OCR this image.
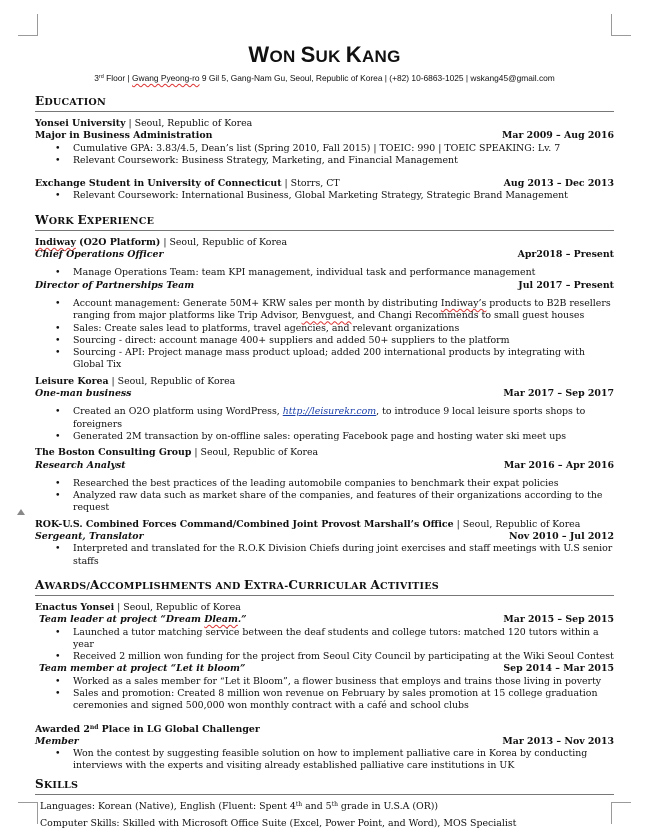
WON SUK KANG
3rd Floor | Gwang Pyeong-ro 9 Gil 5, Gang-Nam Gu, Seoul, Republic of Korea | (+82) 10-6863-1025 | wskang45@gmail.com
EDUCATION
Yonsei University | Seoul, Republic of Korea
Major in Business Administration	Mar 2009 – Aug 2016
• Cumulative GPA: 3.83/4.5, Dean’s list (Spring 2010, Fall 2015) | TOEIC: 990 | TOEIC SPEAKING: Lv. 7
• Relevant Coursework: Business Strategy, Marketing, and Financial Management
Exchange Student in University of Connecticut | Storrs, CT	Aug 2013 – Dec 2013
• Relevant Coursework: International Business, Global Marketing Strategy, Strategic Brand Management
WORK EXPERIENCE
Indiway (O2O Platform) | Seoul, Republic of Korea
Chief Operations Officer	Apr2018 – Present
• Manage Operations Team: team KPI management, individual task and performance management
Director of Partnerships Team	Jul 2017 – Present
• Account management: Generate 50M+ KRW sales per month by distributing Indiway’s products to B2B resellers
ranging from major platforms like Trip Advisor, Benvguest, and Changi Recommends to small guest houses
• Sales: Create sales lead to platforms, travel agencies, and relevant organizations
• Sourcing - direct: account manage 400+ suppliers and added 50+ suppliers to the platform
• Sourcing - API: Project manage mass product upload; added 200 international products by integrating with Global Tix
Leisure Korea | Seoul, Republic of Korea
One-man business	Mar 2017 – Sep 2017
• Created an O2O platform using WordPress, http://leisurekr.com, to introduce 9 local leisure sports shops to foreigners
• Generated 2M transaction by on-offline sales: operating Facebook page and hosting water ski meet ups
The Boston Consulting Group | Seoul, Republic of Korea
Research Analyst	Mar 2016 – Apr 2016
• Researched the best practices of the leading automobile companies to benchmark their expat policies
• Analyzed raw data such as market share of the companies, and features of their organizations according to the request
ROK-U.S. Combined Forces Command/Combined Joint Provost Marshall’s Office | Seoul, Republic of Korea
Sergeant, Translator	Nov 2010 – Jul 2012
• Interpreted and translated for the R.O.K Division Chiefs during joint exercises and staff meetings with U.S senior staffs
AWARDS/ACCOMPLISHMENTS AND EXTRA-CURRICULAR ACTIVITIES
Enactus Yonsei | Seoul, Republic of Korea
Team leader at project “Dream Dleam.”	Mar 2015 – Sep 2015
• Launched a tutor matching service between the deaf students and college tutors: matched 120 tutors within a year
• Received 2 million won funding for the project from Seoul City Council by participating at the Wiki Seoul Contest
Team member at project “Let it bloom”	Sep 2014 – Mar 2015
• Worked as a sales member for “Let it Bloom”, a flower business that employs and trains those living in poverty
• Sales and promotion: Created 8 million won revenue on February by sales promotion at 15 college graduation
ceremonies and signed 500,000 won monthly contract with a café and school clubs
Awarded 2nd Place in LG Global Challenger
Member	Mar 2013 – Nov 2013
• Won the contest by suggesting feasible solution on how to implement palliative care in Korea by conducting
interviews with the experts and visiting already established palliative care institutions in UK
SKILLS
Languages: Korean (Native), English (Fluent: Spent 4th and 5th grade in U.S.A (OR))
Computer Skills: Skilled with Microsoft Office Suite (Excel, Power Point, and Word), MOS Specialist
